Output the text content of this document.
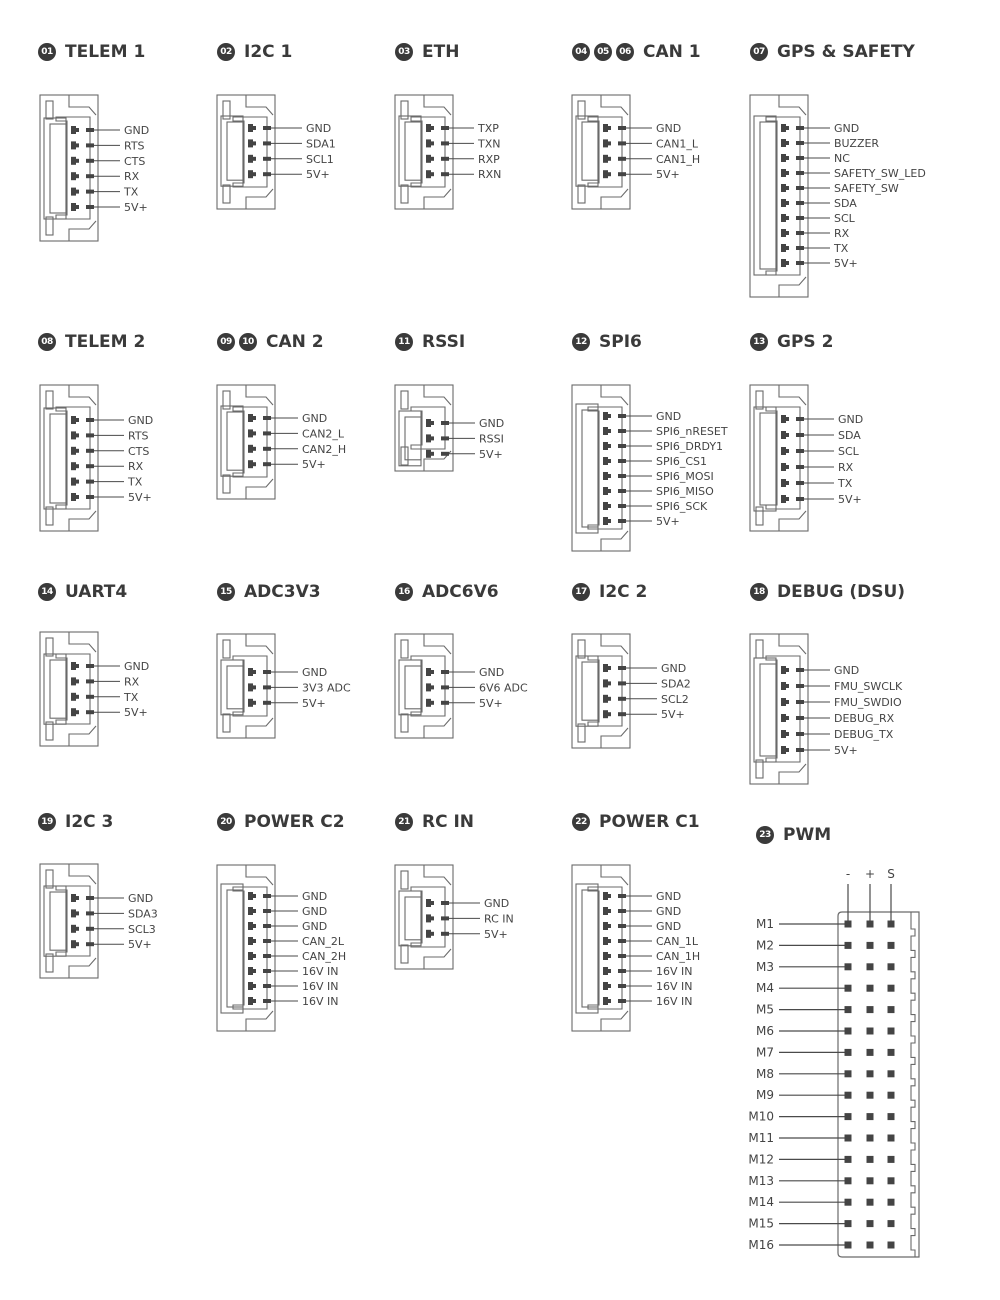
GND
RTS
CTS
RX
TX
5V+
01 TELEM 1
GND
SDA1
SCL1
5V+
02 I2C 1
TXP
TXN
RXP
RXN
03 ETH
GND
CAN1_L
CAN1_H
5V+
04	05	06 CAN 1
GND
BUZZER
NC
SAFETY_SW_LED
SAFETY_SW
SDA
SCL
RX
TX
5V+
07 GPS & SAFETY
GND
RTS
CTS
RX
TX
5V+
08 TELEM 2
GND
CAN2_L
CAN2_H
5V+
09	10 CAN 2
GND
RSSI
5V+
11 RSSI
GND
SPI6_nRESET
SPI6_DRDY1
SPI6_CS1
SPI6_MOSI
SPI6_MISO
SPI6_SCK
5V+
12 SPI6
GND
SDA
SCL
RX
TX
5V+
13 GPS 2
GND
RX
TX
5V+
14 UART4
GND
3V3 ADC
5V+
15 ADC3V3
GND
6V6 ADC
5V+
16 ADC6V6
GND
SDA2
SCL2
5V+
17 I2C 2
GND
FMU_SWCLK
FMU_SWDIO
DEBUG_RX
DEBUG_TX
5V+
18 DEBUG (DSU)
GND
SDA3
SCL3
5V+
19 I2C 3
GND
GND
GND
CAN_2L
CAN_2H
16V IN
16V IN
16V IN
20 POWER C2
GND
RC IN
5V+
21 RC IN
GND
GND
GND
CAN_1L
CAN_1H
16V IN
16V IN
16V IN
22 POWER C1
- + S
M1
M2
M3
M4
M5
M6
M7
M8
M9
M10
M11
M12
M13
M14
M15
M16
23 PWM
